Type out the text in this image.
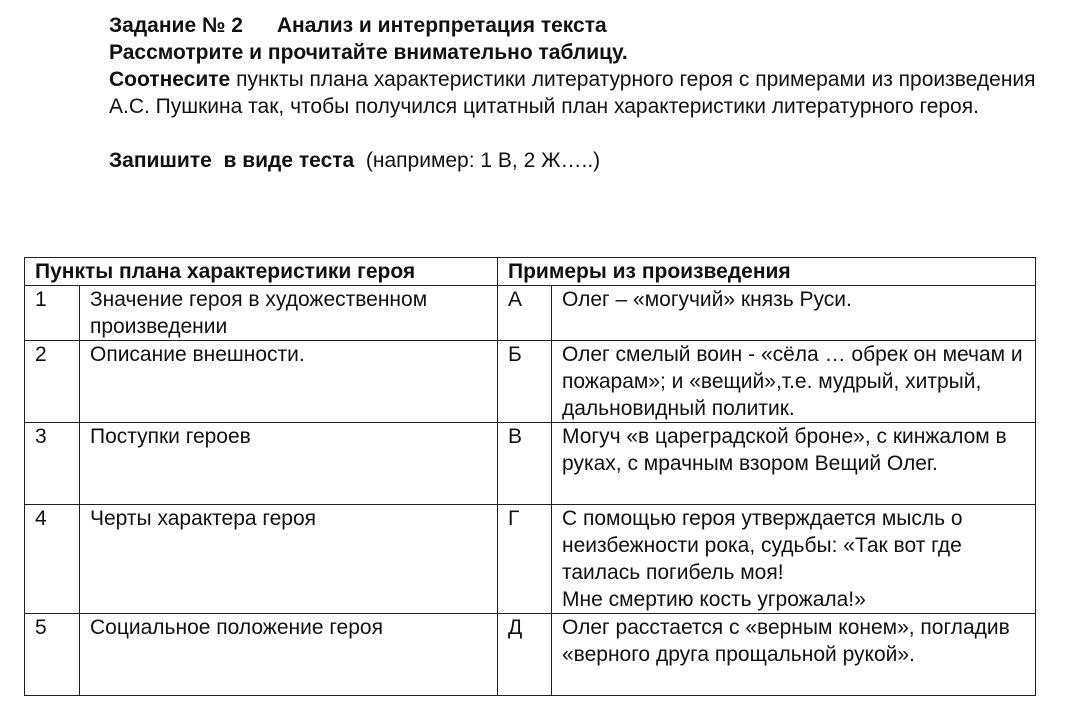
Задание № 2 Анализ и интерпретация текста

Рассмотрите и прочитайте внимательно таблицу.

Соотнесите пункты плана характеристики литературного героя с примерами из произведения А.С. Пушкина так, чтобы получился цитатный план характеристики литературного героя.

Запишите  в виде теста  (например: 1 В, 2 Ж…..)

Пункты плана характеристики героя		Примеры из произведения	
1	Значение героя в художественном произведении	А	Олег – «могучий» князь Руси.
2	Описание внешности.	Б	Олег смелый воин - «сёла … обрек он мечам и пожарам»; и «вещий»,т.е. мудрый, хитрый, дальновидный политик.
3	Поступки героев	В	Могуч «в цареградской броне», с кинжалом в руках, с мрачным взором Вещий Олег.
4	Черты характера героя	Г	С помощью героя утверждается мысль о неизбежности рока, судьбы: «Так вот где таилась погибель моя!
Мне смертию кость угрожала!»
5	Социальное положение героя	Д	Олег расстается с «верным конем», погладив «верного друга прощальной рукой».
